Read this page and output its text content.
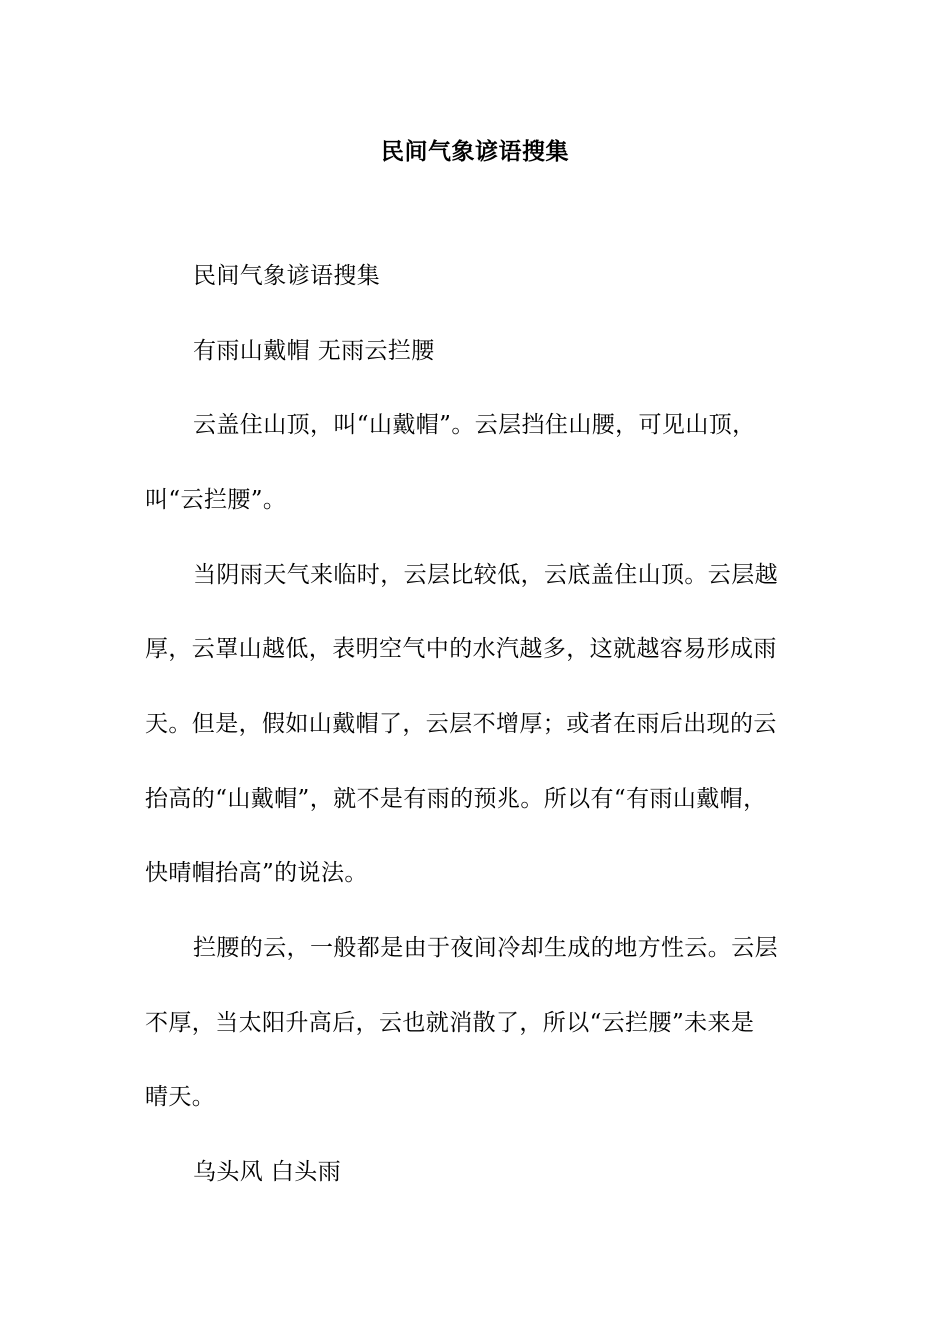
民间气象谚语搜集
民间气象谚语搜集
有雨山戴帽 无雨云拦腰
云盖住山顶，叫“山戴帽”。云层挡住山腰，可见山顶，
叫“云拦腰”。
当阴雨天气来临时，云层比较低，云底盖住山顶。云层越
厚，云罩山越低，表明空气中的水汽越多，这就越容易形成雨
天。但是，假如山戴帽了，云层不增厚；或者在雨后出现的云
抬高的“山戴帽”，就不是有雨的预兆。所以有“有雨山戴帽，
快晴帽抬高”的说法。
拦腰的云，一般都是由于夜间冷却生成的地方性云。云层
不厚，当太阳升高后，云也就消散了，所以“云拦腰”未来是
晴天。
乌头风 白头雨
